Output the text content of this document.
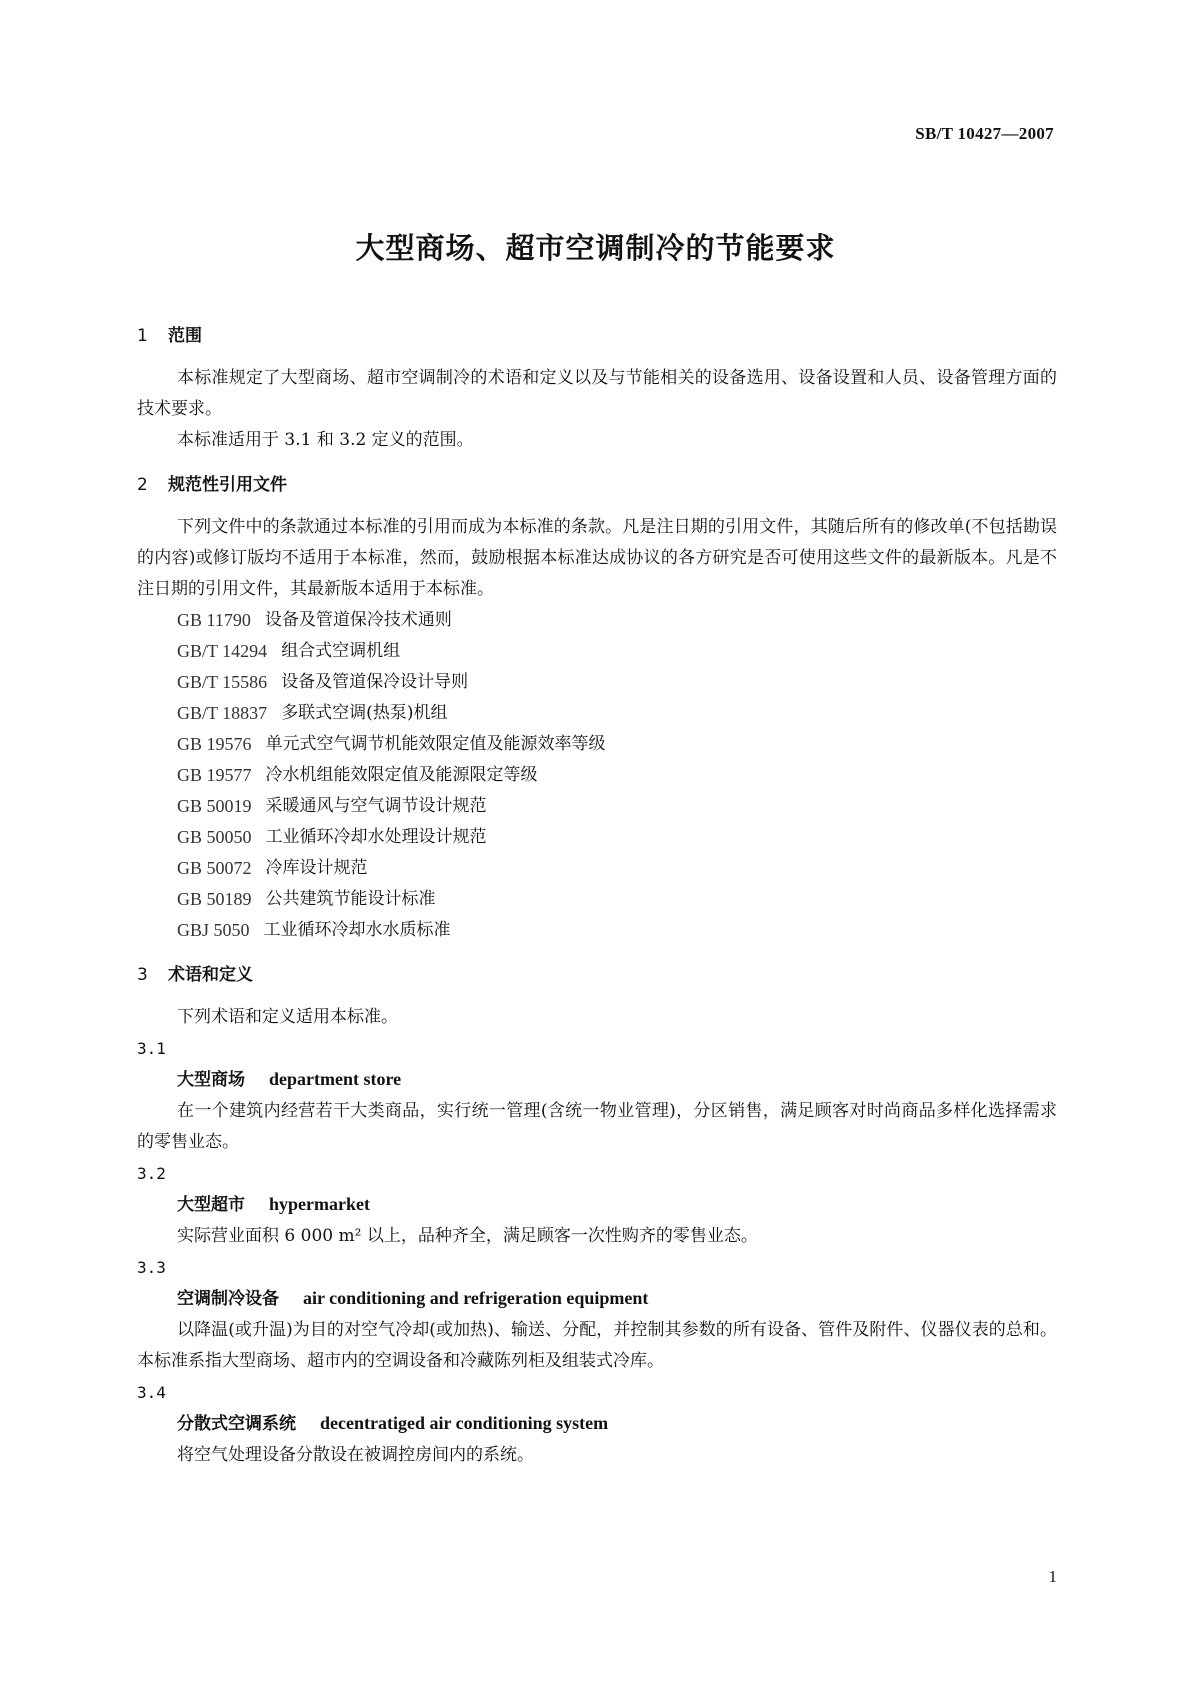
SB/T 10427—2007
大型商场、超市空调制冷的节能要求
1	范围

本标准规定了大型商场、超市空调制冷的术语和定义以及与节能相关的设备选用、设备设置和人员、设备管理方面的技术要求。

本标准适用于 3.1 和 3.2 定义的范围。

2	规范性引用文件

下列文件中的条款通过本标准的引用而成为本标准的条款。凡是注日期的引用文件，其随后所有的修改单(不包括勘误的内容)或修订版均不适用于本标准，然而，鼓励根据本标准达成协议的各方研究是否可使用这些文件的最新版本。凡是不注日期的引用文件，其最新版本适用于本标准。

GB 11790 设备及管道保冷技术通则
GB/T 14294 组合式空调机组
GB/T 15586 设备及管道保冷设计导则
GB/T 18837 多联式空调(热泵)机组
GB 19576 单元式空气调节机能效限定值及能源效率等级
GB 19577 冷水机组能效限定值及能源限定等级
GB 50019 采暖通风与空气调节设计规范
GB 50050 工业循环冷却水处理设计规范
GB 50072 冷库设计规范
GB 50189 公共建筑节能设计标准
GBJ 5050 工业循环冷却水水质标准
3	术语和定义

下列术语和定义适用本标准。

3.1

大型商场 department store

在一个建筑内经营若干大类商品，实行统一管理(含统一物业管理)，分区销售，满足顾客对时尚商品多样化选择需求的零售业态。

3.2

大型超市 hypermarket

实际营业面积 6 000 m² 以上，品种齐全，满足顾客一次性购齐的零售业态。

3.3

空调制冷设备 air conditioning and refrigeration equipment

以降温(或升温)为目的对空气冷却(或加热)、输送、分配，并控制其参数的所有设备、管件及附件、仪器仪表的总和。本标准系指大型商场、超市内的空调设备和冷藏陈列柜及组装式冷库。

3.4

分散式空调系统 decentratiged air conditioning system

将空气处理设备分散设在被调控房间内的系统。

1
